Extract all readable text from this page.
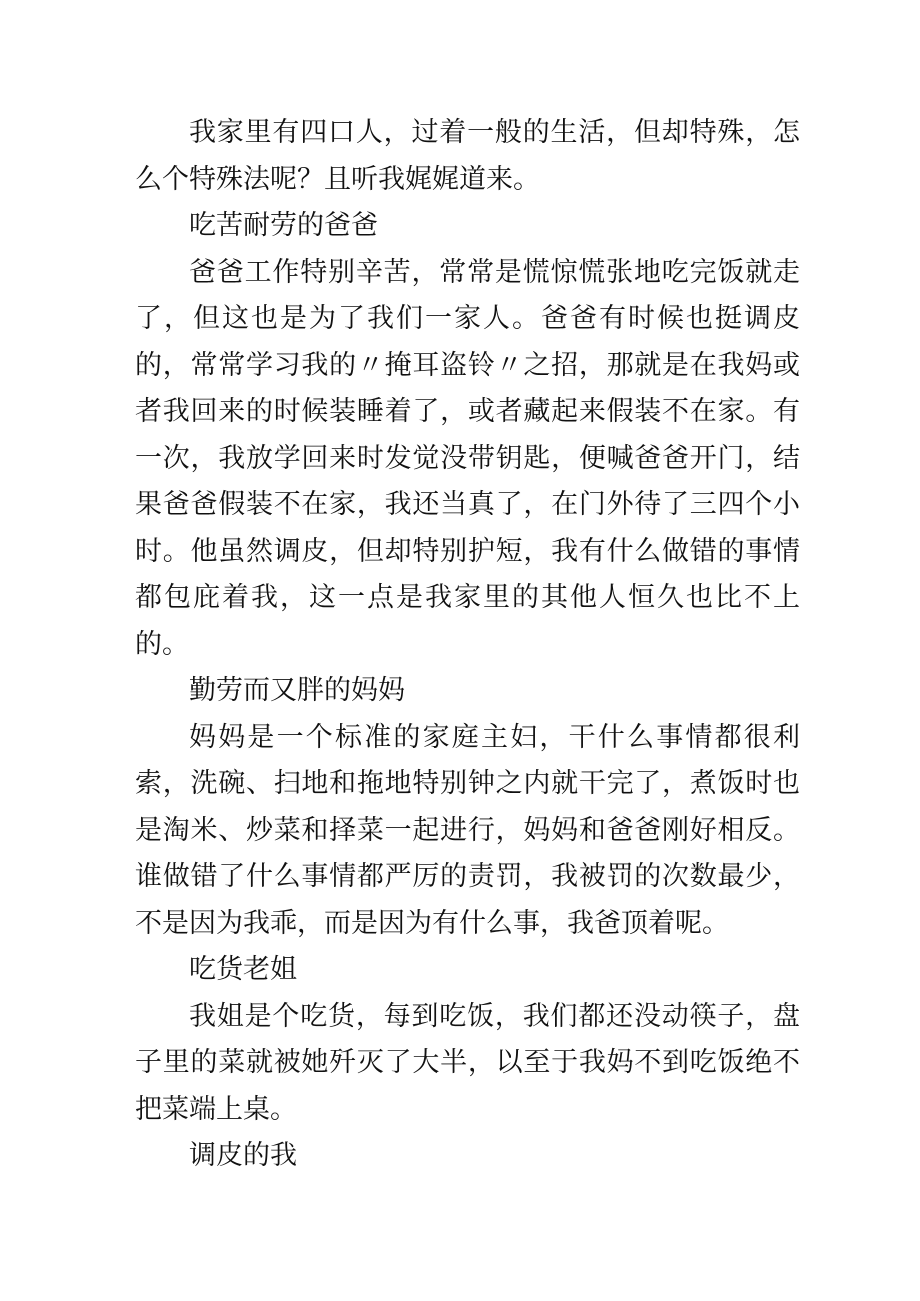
我家里有四口人，过着一般的生活，但却特殊，怎么个特殊法呢？且听我娓娓道来。

吃苦耐劳的爸爸

爸爸工作特别辛苦，常常是慌惊慌张地吃完饭就走了，但这也是为了我们一家人。爸爸有时候也挺调皮的，常常学习我的〃掩耳盗铃〃之招，那就是在我妈或者我回来的时候装睡着了，或者藏起来假装不在家。有一次，我放学回来时发觉没带钥匙，便喊爸爸开门，结果爸爸假装不在家，我还当真了，在门外待了三四个小时。他虽然调皮，但却特别护短，我有什么做错的事情都包庇着我，这一点是我家里的其他人恒久也比不上的。

勤劳而又胖的妈妈

妈妈是一个标准的家庭主妇，干什么事情都很利索，洗碗、扫地和拖地特别钟之内就干完了，煮饭时也是淘米、炒菜和择菜一起进行，妈妈和爸爸刚好相反。谁做错了什么事情都严厉的责罚，我被罚的次数最少，不是因为我乖，而是因为有什么事，我爸顶着呢。

吃货老姐

我姐是个吃货，每到吃饭，我们都还没动筷子，盘子里的菜就被她歼灭了大半，以至于我妈不到吃饭绝不把菜端上桌。

调皮的我
